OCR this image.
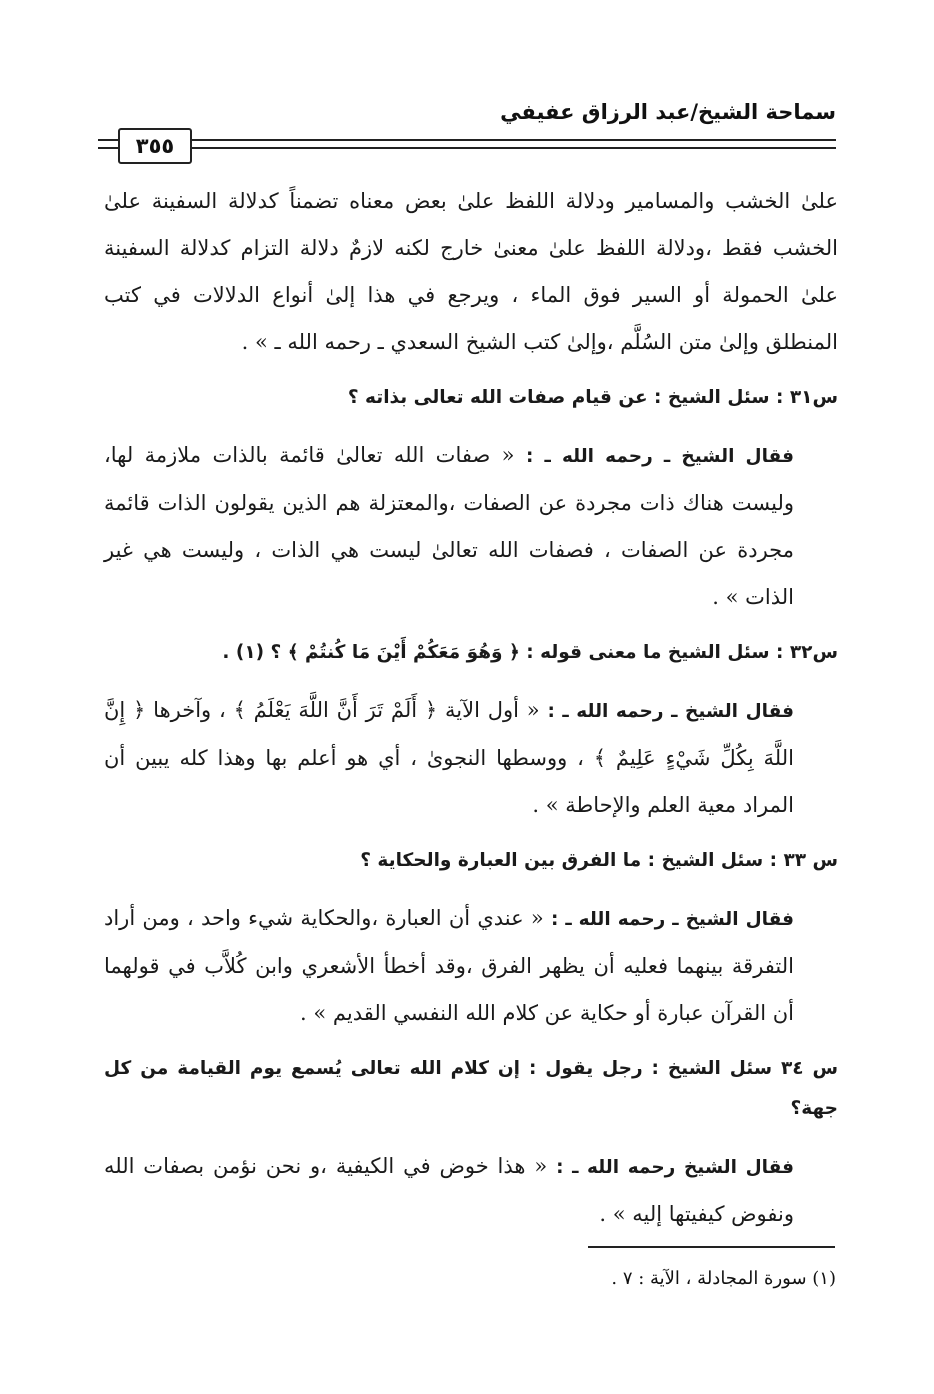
سماحة الشيخ/عبد الرزاق عفيفي
٣٥٥

علىٰ الخشب والمسامير ودلالة اللفظ علىٰ بعض معناه تضمناً كدلالة السفينة علىٰ الخشب فقط ،ودلالة اللفظ علىٰ معنىٰ خارج لكنه لازمٌ دلالة التزام كدلالة السفينة علىٰ الحمولة أو السير فوق الماء ، ويرجع في هذا إلىٰ أنواع الدلالات في كتب المنطلق وإلىٰ متن السُلَّم ،وإلىٰ كتب الشيخ السعدي ـ رحمه الله ـ » .

س٣١ : سئل الشيخ : عن قيام صفات الله تعالى بذاته ؟

فقال الشيخ ـ رحمه الله ـ : « صفات الله تعالىٰ قائمة بالذات ملازمة لها، وليست هناك ذات مجردة عن الصفات ،والمعتزلة هم الذين يقولون الذات قائمة مجردة عن الصفات ، فصفات الله تعالىٰ ليست هي الذات ، وليست هي غير الذات » .

س٣٢ : سئل الشيخ ما معنى قوله : ﴿ وَهُوَ مَعَكُمْ أَيْنَ مَا كُنتُمْ ﴾ ؟ (١) .

فقال الشيخ ـ رحمه الله ـ : « أول الآية ﴿ أَلَمْ تَرَ أَنَّ اللَّهَ يَعْلَمُ ﴾ ، وآخرها ﴿ إِنَّ اللَّهَ بِكُلِّ شَيْءٍ عَلِيمٌ ﴾ ، ووسطها النجوىٰ ، أي هو أعلم بها وهذا كله يبين أن المراد معية العلم والإحاطة » .

س ٣٣ : سئل الشيخ : ما الفرق بين العبارة والحكاية ؟

فقال الشيخ ـ رحمه الله ـ : « عندي أن العبارة ،والحكاية شيء واحد ، ومن أراد التفرقة بينهما فعليه أن يظهر الفرق ،وقد أخطأ الأشعري وابن كُلاَّب في قولهما أن القرآن عبارة أو حكاية عن كلام الله النفسي القديم » .

س ٣٤ سئل الشيخ : رجل يقول : إن كلام الله تعالى يُسمع يوم القيامة من كل جهة؟

فقال الشيخ رحمه الله ـ : « هذا خوض في الكيفية ،و نحن نؤمن بصفات الله ونفوض كيفيتها إليه » .

(١) سورة المجادلة ، الآية : ٧ .
